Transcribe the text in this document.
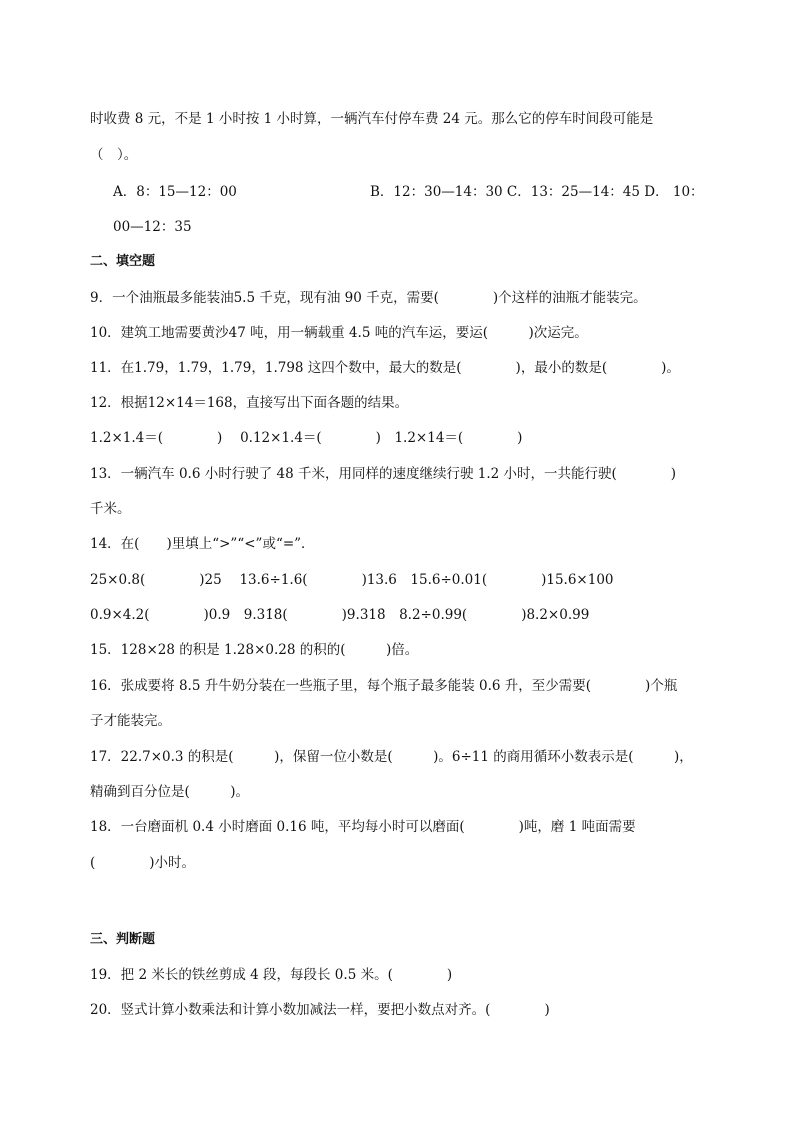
时收费 8 元，不是 1 小时按 1 小时算，一辆汽车付停车费 24 元。那么它的停车时间段可能是
（　）。
A．8：15—12：00	B．12：30—14：30 C．13：25—14：45 D． 10：
00—12：35
二、填空题
9．一个油瓶最多能装油5.5 千克，现有油 90 千克，需要(　　　　)个这样的油瓶才能装完。
10．建筑工地需要黄沙47 吨，用一辆载重 4.5 吨的汽车运，要运(　　　)次运完。
11．在1.7̇9̇，1.79，1.79̇，1.798 这四个数中，最大的数是(　　　　)，最小的数是(　　　　)。
12．根据12×14＝168，直接写出下面各题的结果。
1.2×1.4＝(　　　　)　 0.12×1.4＝(　　　　)　1.2×14＝(　　　　)
13．一辆汽车 0.6 小时行驶了 48 千米，用同样的速度继续行驶 1.2 小时，一共能行驶(　　　　)
千米。
14．在(　　)里填上“>”“<”或“=”．
25×0.8(　　　　)25　 13.6÷1.6(　　　　)13.6　15.6÷0.01(　　　　)15.6×100
0.9×4.2(　　　　)0.9　9.31̇8̇(　　　　)9.318̇　8.2÷0.99(　　　　)8.2×0.99
15．128×28 的积是 1.28×0.28 的积的(　　　)倍。
16．张成要将 8.5 升牛奶分装在一些瓶子里，每个瓶子最多能装 0.6 升，至少需要(　　　　)个瓶
子才能装完。
17．22.7×0.3 的积是(　　　)，保留一位小数是(　　　)。6÷11 的商用循环小数表示是(　　　)，
精确到百分位是(　　　)。
18．一台磨面机 0.4 小时磨面 0.16 吨，平均每小时可以磨面(　　　　)吨，磨 1 吨面需要
(　　　　)小时。
三、判断题
19．把 2 米长的铁丝剪成 4 段，每段长 0.5 米。(　　　　)
20．竖式计算小数乘法和计算小数加减法一样，要把小数点对齐。(　　　　)
